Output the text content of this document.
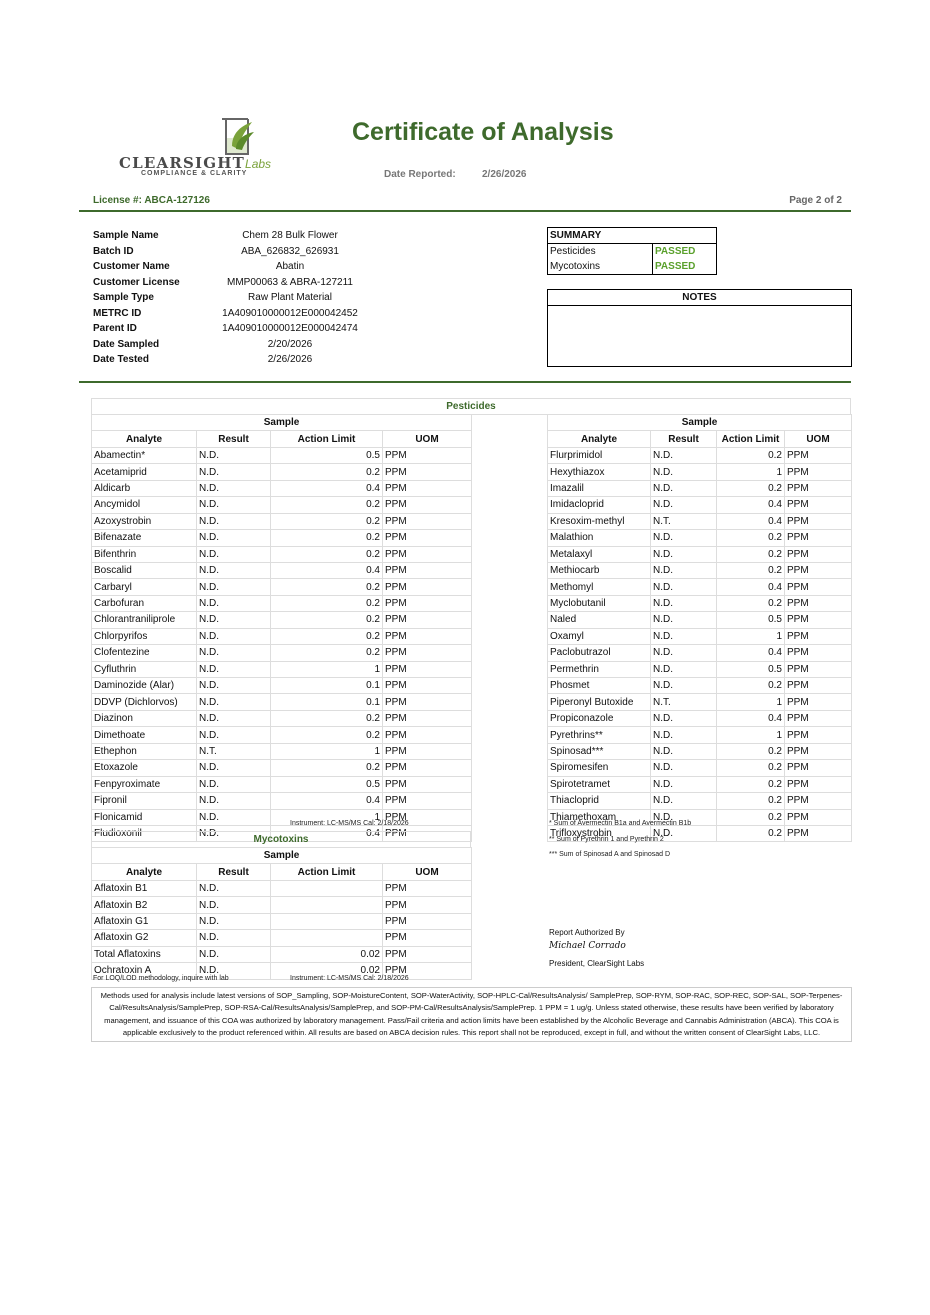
CLEARSIGHTLabs
COMPLIANCE & CLARITY
Certificate of Analysis
Date Reported:	2/26/2026
License #: ABCA-127126	Page 2 of 2
Sample Name	Chem 28 Bulk Flower
Batch ID	ABA_626832_626931
Customer Name	Abatin
Customer License	MMP00063 & ABRA-127211
Sample Type	Raw Plant Material
METRC ID	1A409010000012E000042452
Parent ID	1A409010000012E000042474
Date Sampled	2/20/2026
Date Tested	2/26/2026
SUMMARY	
Pesticides	PASSED
Mycotoxins	PASSED
NOTES
Pesticides
Sample			
Analyte	Result	Action Limit	UOM
Abamectin*	N.D.	0.5	PPM
Acetamiprid	N.D.	0.2	PPM
Aldicarb	N.D.	0.4	PPM
Ancymidol	N.D.	0.2	PPM
Azoxystrobin	N.D.	0.2	PPM
Bifenazate	N.D.	0.2	PPM
Bifenthrin	N.D.	0.2	PPM
Boscalid	N.D.	0.4	PPM
Carbaryl	N.D.	0.2	PPM
Carbofuran	N.D.	0.2	PPM
Chlorantraniliprole	N.D.	0.2	PPM
Chlorpyrifos	N.D.	0.2	PPM
Clofentezine	N.D.	0.2	PPM
Cyfluthrin	N.D.	1	PPM
Daminozide (Alar)	N.D.	0.1	PPM
DDVP (Dichlorvos)	N.D.	0.1	PPM
Diazinon	N.D.	0.2	PPM
Dimethoate	N.D.	0.2	PPM
Ethephon	N.T.	1	PPM
Etoxazole	N.D.	0.2	PPM
Fenpyroximate	N.D.	0.5	PPM
Fipronil	N.D.	0.4	PPM
Flonicamid	N.D.	1	PPM
Fludioxonil	N.D.	0.4	PPM
Sample			
Analyte	Result	Action Limit	UOM
Flurprimidol	N.D.	0.2	PPM
Hexythiazox	N.D.	1	PPM
Imazalil	N.D.	0.2	PPM
Imidacloprid	N.D.	0.4	PPM
Kresoxim-methyl	N.T.	0.4	PPM
Malathion	N.D.	0.2	PPM
Metalaxyl	N.D.	0.2	PPM
Methiocarb	N.D.	0.2	PPM
Methomyl	N.D.	0.4	PPM
Myclobutanil	N.D.	0.2	PPM
Naled	N.D.	0.5	PPM
Oxamyl	N.D.	1	PPM
Paclobutrazol	N.D.	0.4	PPM
Permethrin	N.D.	0.5	PPM
Phosmet	N.D.	0.2	PPM
Piperonyl Butoxide	N.T.	1	PPM
Propiconazole	N.D.	0.4	PPM
Pyrethrins**	N.D.	1	PPM
Spinosad***	N.D.	0.2	PPM
Spiromesifen	N.D.	0.2	PPM
Spirotetramet	N.D.	0.2	PPM
Thiacloprid	N.D.	0.2	PPM
Thiamethoxam	N.D.	0.2	PPM
Trifloxystrobin	N.D.	0.2	PPM
Instrument: LC-MS/MS Cal: 2/18/2026	* Sum of Avermectin B1a and Avermectin B1b
** Sum of Pyrethrin 1 and Pyrethrin 2
*** Sum of Spinosad A and Spinosad D
Mycotoxins
Sample			
Analyte	Result	Action Limit	UOM
Aflatoxin B1	N.D.		PPM
Aflatoxin B2	N.D.		PPM
Aflatoxin G1	N.D.		PPM
Aflatoxin G2	N.D.		PPM
Total Aflatoxins	N.D.	0.02	PPM
Ochratoxin A	N.D.	0.02	PPM
For LOQ/LOD methodology, inquire with lab	Instrument: LC-MS/MS Cal: 2/18/2026
Report Authorized By
Michael Corrado
President, ClearSight Labs
Methods used for analysis include latest versions of SOP_Sampling, SOP-MoistureContent, SOP-WaterActivity, SOP-HPLC-Cal/ResultsAnalysis/ SamplePrep, SOP-RYM, SOP-RAC, SOP-REC, SOP-SAL, SOP-Terpenes-Cal/ResultsAnalysis/SamplePrep, SOP-RSA-Cal/ResultsAnalysis/SamplePrep, and SOP-PM-Cal/ResultsAnalysis/SamplePrep. 1 PPM = 1 ug/g. Unless stated otherwise, these results have been verified by laboratory management, and issuance of this COA was authorized by laboratory management. Pass/Fail criteria and action limits have been established by the Alcoholic Beverage and Cannabis Administration (ABCA). This COA is applicable exclusively to the product referenced within. All results are based on ABCA decision rules. This report shall not be reproduced, except in full, and without the written consent of ClearSight Labs, LLC.
